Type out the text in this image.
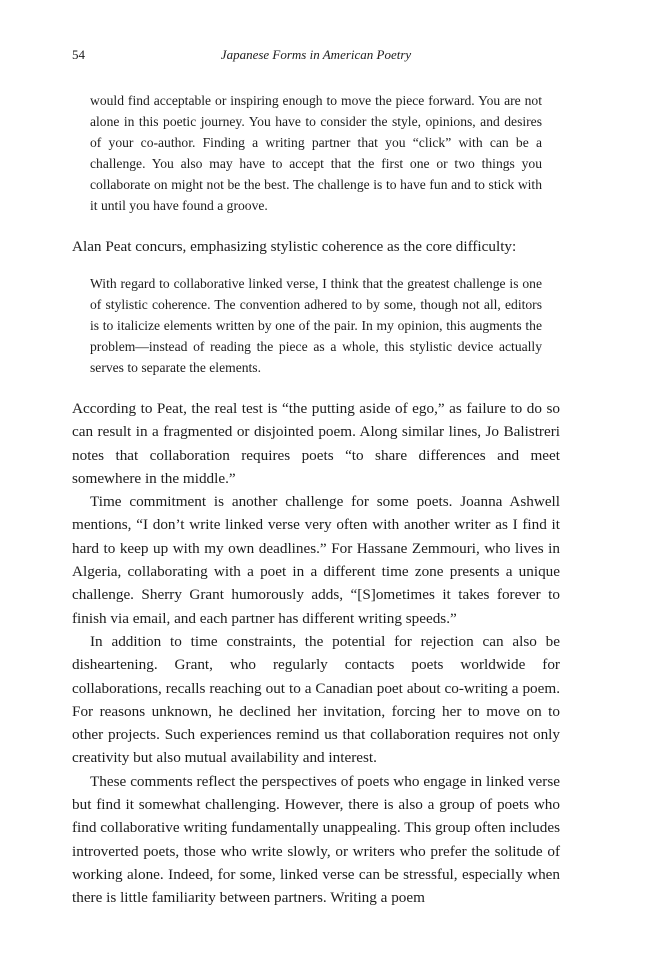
54	Japanese Forms in American Poetry

would find acceptable or inspiring enough to move the piece forward. You are not alone in this poetic journey. You have to consider the style, opinions, and desires of your co-author. Finding a writing partner that you “click” with can be a challenge. You also may have to accept that the first one or two things you collaborate on might not be the best. The challenge is to have fun and to stick with it until you have found a groove.

Alan Peat concurs, emphasizing stylistic coherence as the core difficulty:

With regard to collaborative linked verse, I think that the greatest challenge is one of stylistic coherence. The convention adhered to by some, though not all, editors is to italicize elements written by one of the pair. In my opinion, this augments the problem—instead of reading the piece as a whole, this stylistic device actually serves to separate the elements.

According to Peat, the real test is “the putting aside of ego,” as failure to do so can result in a fragmented or disjointed poem. Along similar lines, Jo Balistreri notes that collaboration requires poets “to share differences and meet somewhere in the middle.”

Time commitment is another challenge for some poets. Joanna Ashwell mentions, “I don’t write linked verse very often with another writer as I find it hard to keep up with my own deadlines.” For Hassane Zemmouri, who lives in Algeria, collaborating with a poet in a different time zone presents a unique challenge. Sherry Grant humorously adds, “[S]ometimes it takes forever to finish via email, and each partner has different writing speeds.”

In addition to time constraints, the potential for rejection can also be disheartening. Grant, who regularly contacts poets worldwide for collaborations, recalls reaching out to a Canadian poet about co-writing a poem. For reasons unknown, he declined her invitation, forcing her to move on to other projects. Such experiences remind us that collaboration requires not only creativity but also mutual availability and interest.

These comments reflect the perspectives of poets who engage in linked verse but find it somewhat challenging. However, there is also a group of poets who find collaborative writing fundamentally unappealing. This group often includes introverted poets, those who write slowly, or writers who prefer the solitude of working alone. Indeed, for some, linked verse can be stressful, especially when there is little familiarity between partners. Writing a poem
